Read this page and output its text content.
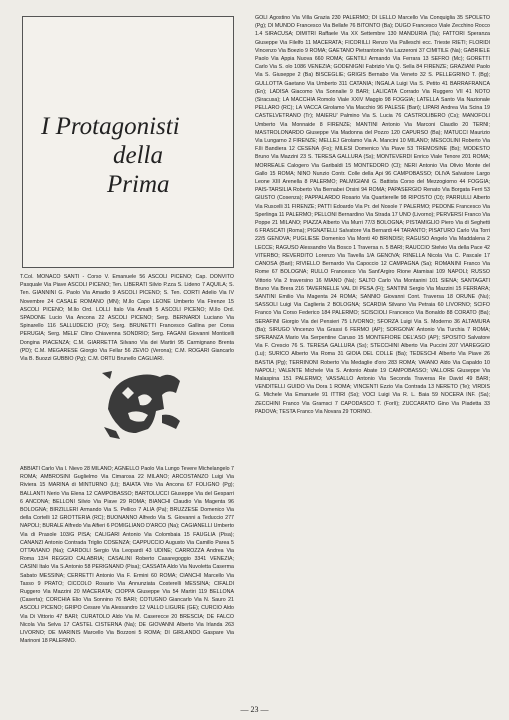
I Protagonisti
della
Prima
T.Col. MONACO SANTI - Corso V. Emanuele 56 ASCOLI PICENO; Cap. DONVITO Pasquale Via Piave ASCOLI PICENO; Ten. LIBERATI Silvio P.zza S. Lideno 7 AQUILA; S. Ten. GIANNINI G. Paolo Via Amadio 9 ASCOLI PICENO; S. Ten. CORTI Adelio Via IV Novembre 24 CASALE ROMANO (MN); M.llo Capo LEONE Umberto Via Firenze 15 ASCOLI PICENO; M.llo Ord. LOLLI Italo Via Amalfi 5 ASCOLI PICENO; M.llo Ord. SPADONE Lucio Via Ancona 22 ASCOLI PICENO; Serg. BERNARDI Luciano Via Spinarello 116 SALLUDECIO (FO); Serg. BRUNETTI Francesco Gallina per Corsa PERUGIA; Serg. MELE' Clino Chiavenna SONDRIO; Serg. FAGANI Giovanni Monticelli Dongina PIACENZA; C.M. GIARRETTA Silvano Via dei Martiri 95 Carmignano Brenta (PD); C.M. MEGARESE Giorgio Via Fellar 56 ZEVIO (Verona); C.M. ROGARI Giancarlo Via B. Buozzi GUBBIO (Pg); C.M. ORTU Brunello CAGLIARI.
ABBIATI Carlo Via I. Nievo 28 MILANO; AGNELLO Paolo Via Lungo Tevere Michelangelo 7 ROMA; AMBROSINI Guglielmo Via Cimarosa 22 MILANO; ARCOSTANZO Luigi Via Riviera 15 MARINA di MINTURNO (Lt); BAIATA Vito Via Ancona 67 FOLIGNO (Pg); BALLANTI Nerio Via Elena 12 CAMPOBASSO; BARTOLUCCI Giuseppe Via del Gesparri 6 ANCONA; BELLONI Silvio Via Piave 29 ROMA; BIANCHI Claudio Via Magenta 96 BOLOGNA; BIRZILLERI Armando Via S. Pellico 7 ALIA (Pa); BRUZZESE Domenico Via della Cortelli 12 GROTTERIA (RC); BUONANNO Alfredo Via S. Giovanni a Teduccio 277 NAPOLI; BURALE Alfredo Via Alfieri 6 POMIGLIANO D'ARCO (Na); CAGIANELLI Umberto Via di Prasole 103/G PISA; CALIGARI Antonio Via Colombaia 15 FAUGLIA (Pisa); CANANZI Antonio Contrada Triglio COSENZA; CAPPUCCIO Augusto Via Camillo Parea 5 OTTAVIANO (Na); CARDOLI Sergio Via Leopardi 43 UDINE; CARROZZA Andrea Via Roma 13/4 REGGIO CALABRIA; CASALINI Roberto Casaregoggio 3341 VENEZIA; CASINI Italo Via S.Antonio 58 PERIGNANO (Pisa); CASSATA Aldo Via Nuvoletta Caserma Sabato MESSINA; CERRETTI Antonio Via F. Ermini 60 ROMA; CIANCHI Marcello Via Tasso 9 PRATO; CICCOLO Rosario Via Annunziata Costerelli MESSINA; CIFALDI Ruggero Via Mazzini 20 MACERATA; CIOPPA Giuseppe Via 54 Martiri 119 BELLONA (Caserta); CORCHIA Elio Via Sonnino 76 BARI; COTUGNO Giancarlo Via N. Sauro 21 ASCOLI PICENO; GRIPO Cesare Via Alessandro 12 VALLO LIGURE (GE); CURCIO Aldo Via Di Vittorio 47 BARI; CURATOLO Aldo Via M. Caserecce 20 BRESCIA; DE FALCO Nicola Via Selva 17 CASTEL CISTERNA (Na); DE GIOVANNI Alberto Via Irlanda 263 LIVORNO; DE MARINIS Marcello Via Bozzoni 5 ROMA; DI GIRLANDO Gaspare Via Marinoni 18 PALERMO.
GOLI Agostino Via Villa Grazia 230 PALERMO; DI LELLO Marcello Via Conquiglia 35 SPOLETO (Pg); DI MUNDO Francesco Via Bellafe 76 BITONTO (Ba); DUGO Francesco Viale Zecchino Rocco 1.4 SIRACUSA; DIMITRI Raffaele Via XX Settembre 130 MANDURIA (Ta); FATTORI Speranza Giuseppe Via Filelfo 11 MACERATA; FICORILLI Renzo Via Palleschi ecc. Trieste RIETI; FLORIDI Vincenzo Via Boezio 9 ROMA; GAETANO Pietrantonio Via Lazzeroni 37 CIMITILE (Na); GABRIELE Paolo Via Appia Nuova 660 ROMA; GENTILI Armando Via Ferrara 13 SEFRO (Mc); GORETTI Carlo Via S. olo 1086 VENEZIA; GODENIGNI Fabrizio Via Q. Sella 84 FIRENZE; GRAZIANI Paolo Via S. Giuseppe 2 (Ba) BISCEGLIE; GRIGIS Bernabo Via Veneto 32 S. PELLEGRINO T. (Bg); GULLOTTA Gaetano Via Umberto 311 CATANIA; INGALA Luigi Via S. Petito 41 BARRAFRANCA (En); LADISA Giacomo Via Sonnalie 9 BARI; LALICATA Corrado Via Ruggero VII 41 NOTO (Siracusa); LA MACCHIA Romolo Viale XXIV Maggio 98 FOGGIA; LATELLA Santo Via Nazionale PELLARO (RC); LA VACCA Girolamo Via Macchio 96 PALESE (Bari); LIPARI Andrea Via Scina 19 CASTELVETRANO (Tr); MAIERU' Palmino Via S. Lucia 76 CASTROLIBERO (Cs); MANOFOLI Umberto Via Monnaide 8 FIRENZE; MANTINI Antonio Via Marconi Claudio 20 TERNI; MASTROLONARDO Giuseppe Via Madonna del Pozzo 120 CAPURSO (Ba); MATUCCI Maurizio Via Lungarno 2 FIRENZE; MELLEJ Girolamo Via A. Mancini 10 MILANO; MESCOLINI Roberto Via F.lli Bandiera 12 CESENA (Fo); MILESI Domenico Via Piave 53 TREMOSINE (Bs); MODESTO Bruno Via Mazzini 23 S. TERESA GALLURA (Ss); MONTEVERDI Enrico Viale Tenore 201 ROMA; MORREALE Calogero Via Garibaldi 15 MONTEDORO (CI); NERI Antonio Via Olivio Monte del Gallo 15 ROMA; NINO Nunzio Contr. Colle della Api 96 CAMPOBASSO; OLIVA Salvatore Largo Leone XIII Arenella 8 PALERMO; PALMIGIANI G. Battista Corso del Mezzogiorno 44 FOGGIA; PAIS-TARSILIA Roberto Via Bernabei Orsini 94 ROMA; PAPASERGIO Renato Via Borgata Ferri 53 GIUSTO (Cosenza); PAPPALARDO Rosario Via Quartierelle 98 RIPOSTO (Ct); PARRULLI Alberto Via Ruscelli 31 FIRENZE; PATTI Edoardo Via Pr. del Nosole 7 PALERMO; PEDONE Francesco Via Sperlinga 11 PALERMO; PELLONI Bernardino Via Strada 17 UNO (Livorno); PERVERSI Franco Via Poppe 21 MILANO; PIAZZA Alberto Via Murri 77/3 BOLOGNA; PISTAMIGLIO Piero Via di Seghetti 6 FRASCATI (Roma); PIGNATELLI Salvatore Via Bernardi 44 TARANTO; PISATURO Carlo Via Torri 22/5 GENOVA; PUGLIESE Domenico Via Monti 40 BRINDISI; RAGUSO Angelo Via Maddalena 2 LECCE; RAGUSO Alessandro Via Bosco 1 Traversa n. 5 BARI; RAUCCIO Stelvio Via della Pace 42 VITERBO; REVERDITO Lorenzo Via Tavella 1/A GENOVA; RINELLA Nicola Via C. Pascale 17 CANOSA (Bari); RIVIELLO Bernardo Via Capoccio 12 CAMPAGNA (Sa); ROMANINI Franco Via Rome 67 BOLOGNA; RULLO Francesco Via Sant'Argiro Rione Atamisai 109 NAPOLI; RUSSO Vittorio Via 2 traversino 16 MIANO (Na); SALTO Carlo Via Montanini 101 SIENA; SANTAGATI Bruno Via Brera 216 TAVERNELLE VAL DI PESA (Fi); SANTINI Sergio Via Mazzini 15 FERRARA; SANTINI Emilio Via Magenta 24 ROMA; SANNIO Giovanni Cont. Traversa 18 ORUNE (Nu); SASSOLI Luigi Via Caglieria 2 BOLOGNA; SCARDIA Silvano Via Petraia 60 LIVORNO; SCIFO Franco Via Corso Federico 184 PALERMO; SCISCIOLI Francesco Via Bonaldo 88 CORATO (Ba); SERAFINI Giorgio Via dei Pensieri 75 LIVORNO; SFORZA Luigi Via S. Moderno 36 ALTAMURA (Ba); SIRUGO Vincenzo Via Grassi 6 FERMO (AP); SORGONA' Antonio Via Turchia 7 ROMA; SPERANZA Mario Via Serpentine Caruso 15 MONTEFIORE DEL'ASO (AP); SPOSITO Salvatore Via F. Crescio 76 S. TERESA GALLURA (Ss); STECCHINI Alberto Via Puccini 207 VIAREGGIO (Lu); SURICO Alberto Via Roma 31 GIOIA DEL COLLE (Ba); TEDESCHI Alberto Via Piave 26 BASTIA (Pg); TERRINONI Roberto Via Medaglie d'oro 283 ROMA; VAIANO Aldo Via Capaldo 10 NAPOLI; VALENTE Michele Via S. Antonio Abate 19 CAMPOBASSO; VALLORE Giuseppe Via Malaspina 151 PALERMO; VASSALLO Antonio Via Seconda Traversa Re David 49 BARI; VENDITELLI GUIDO Via Dora 1 ROMA; VINCENTI Ezzio Via Contrada 13 NERETO (Te); VIRDIS G. Michele Via Emanuele 91 ITTIRI (Ss); VOCI Luigi Via R. L. Baia 59 NOCERA INF. (Sa); ZECCHINI Franco Via Gramsci 7 CAPODASCO T. (Forlì); ZUCCARATO Gino Via Piadetta 33 PADOVA; TESTA Franco Via Novara 29 TORINO.
— 23 —
